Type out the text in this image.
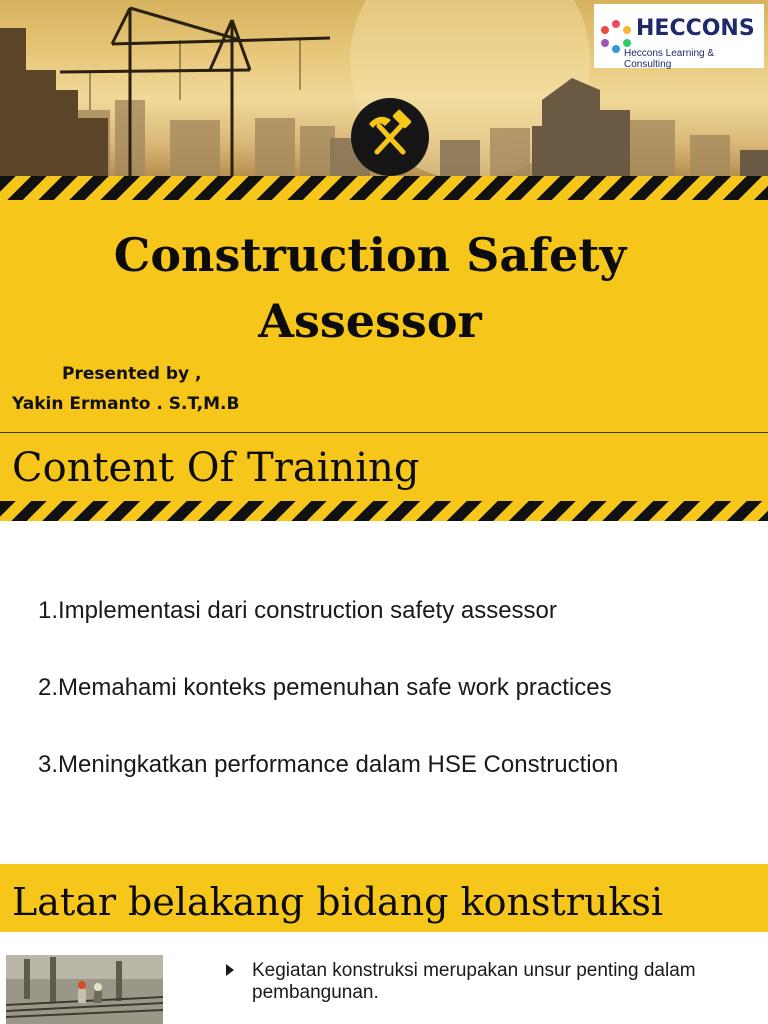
HECCONS
Heccons Learning & Consulting
Construction Safety Assessor
Presented by ,
Yakin Ermanto . S.T,M.B
Content Of Training
1.Implementasi dari construction safety assessor
2.Memahami konteks pemenuhan safe work practices
3.Meningkatkan performance dalam HSE Construction
Latar belakang bidang konstruksi
Kegiatan konstruksi merupakan unsur penting dalam pembangunan.
